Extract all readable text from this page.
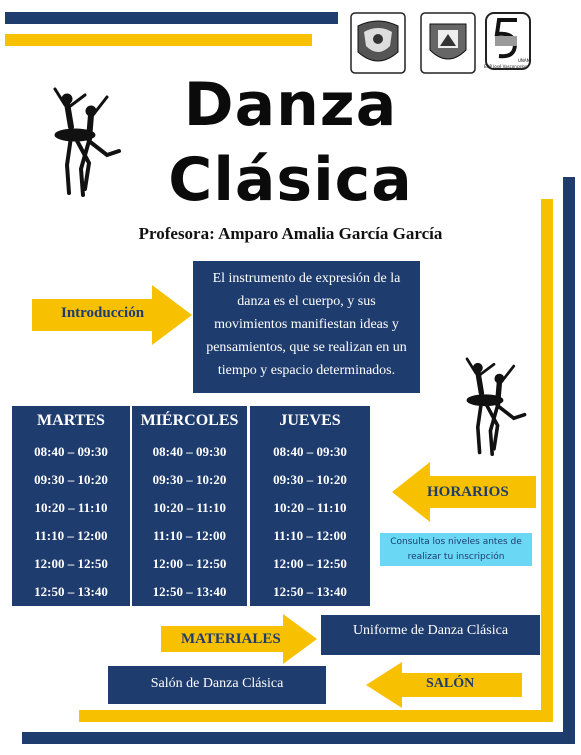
ENP José Vasconcelos
UNAM
Danza
Clásica
Profesora: Amparo Amalia García García
Introducción
El instrumento de expresión de la danza es el cuerpo, y sus movimientos manifiestan ideas y pensamientos, que se realizan en un tiempo y espacio determinados.
MARTES
08:40 – 09:30
09:30 – 10:20
10:20 – 11:10
11:10 – 12:00
12:00 – 12:50
12:50 – 13:40
MIÉRCOLES
08:40 – 09:30
09:30 – 10:20
10:20 – 11:10
11:10 – 12:00
12:00 – 12:50
12:50 – 13:40
JUEVES
08:40 – 09:30
09:30 – 10:20
10:20 – 11:10
11:10 – 12:00
12:00 – 12:50
12:50 – 13:40
HORARIOS
Consulta los niveles antes de realizar tu inscripción
MATERIALES
Uniforme de Danza Clásica
Salón de Danza Clásica	SALÓN
